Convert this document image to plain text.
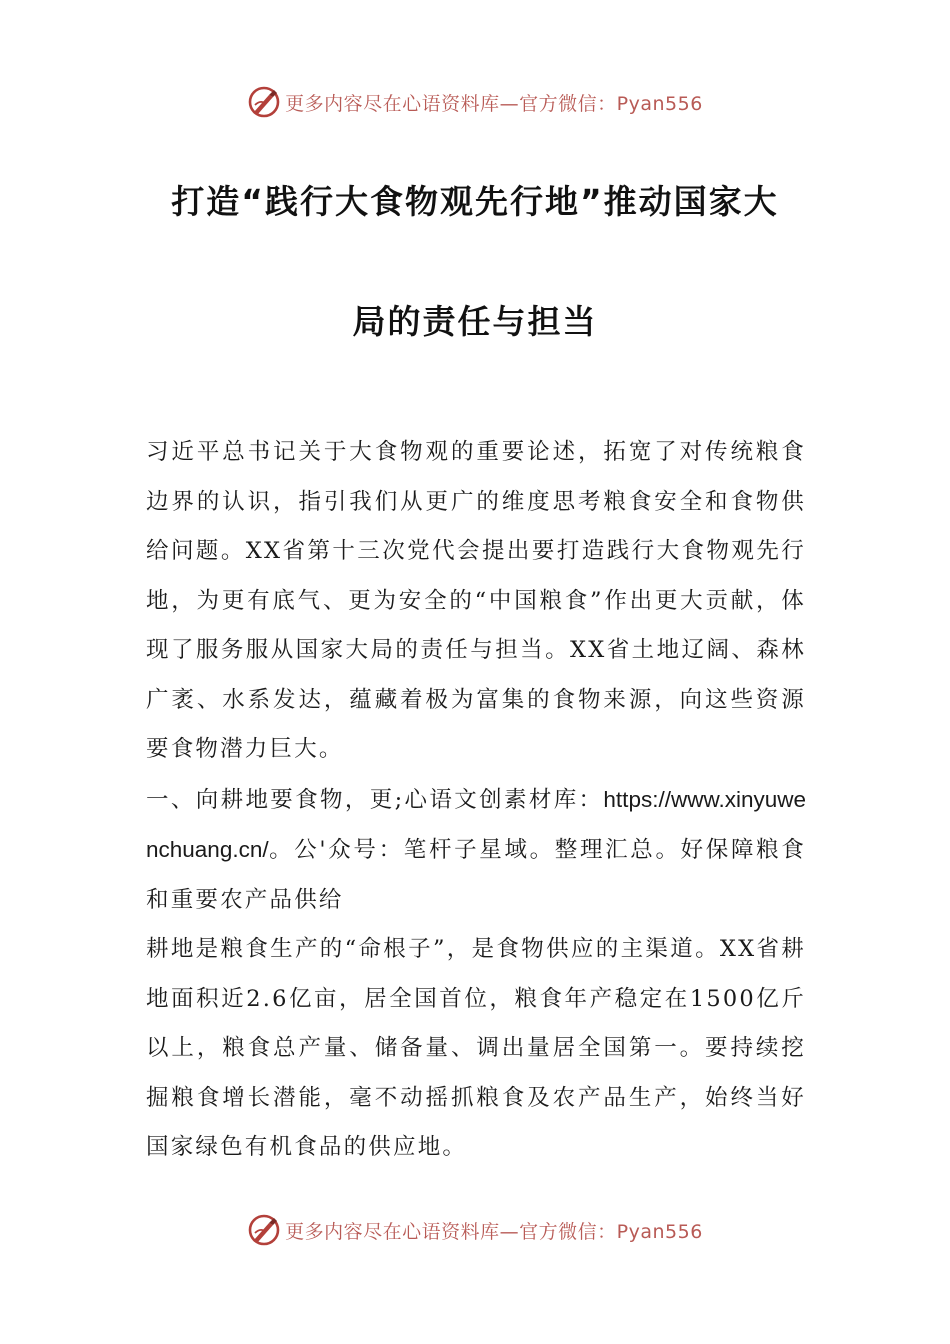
更多内容尽在心语资料库—官方微信：Pyan556
打造“践行大食物观先行地”推动国家大
局的责任与担当

习近平总书记关于大食物观的重要论述，拓宽了对传统粮食边界的认识，指引我们从更广的维度思考粮食安全和食物供给问题。XX省第十三次党代会提出要打造践行大食物观先行地，为更有底气、更为安全的“中国粮食”作出更大贡献，体现了服务服从国家大局的责任与担当。XX省土地辽阔、森林广袤、水系发达，蕴藏着极为富集的食物来源，向这些资源要食物潜力巨大。

一、向耕地要食物，更;心语文创素材库：https://www.xinyuwenchuang.cn/。公'众号：笔杆子星域。整理汇总。好保障粮食和重要农产品供给

耕地是粮食生产的“命根子”，是食物供应的主渠道。XX省耕地面积近2.6亿亩，居全国首位，粮食年产稳定在1500亿斤以上，粮食总产量、储备量、调出量居全国第一。要持续挖掘粮食增长潜能，毫不动摇抓粮食及农产品生产，始终当好国家绿色有机食品的供应地。

更多内容尽在心语资料库—官方微信：Pyan556
